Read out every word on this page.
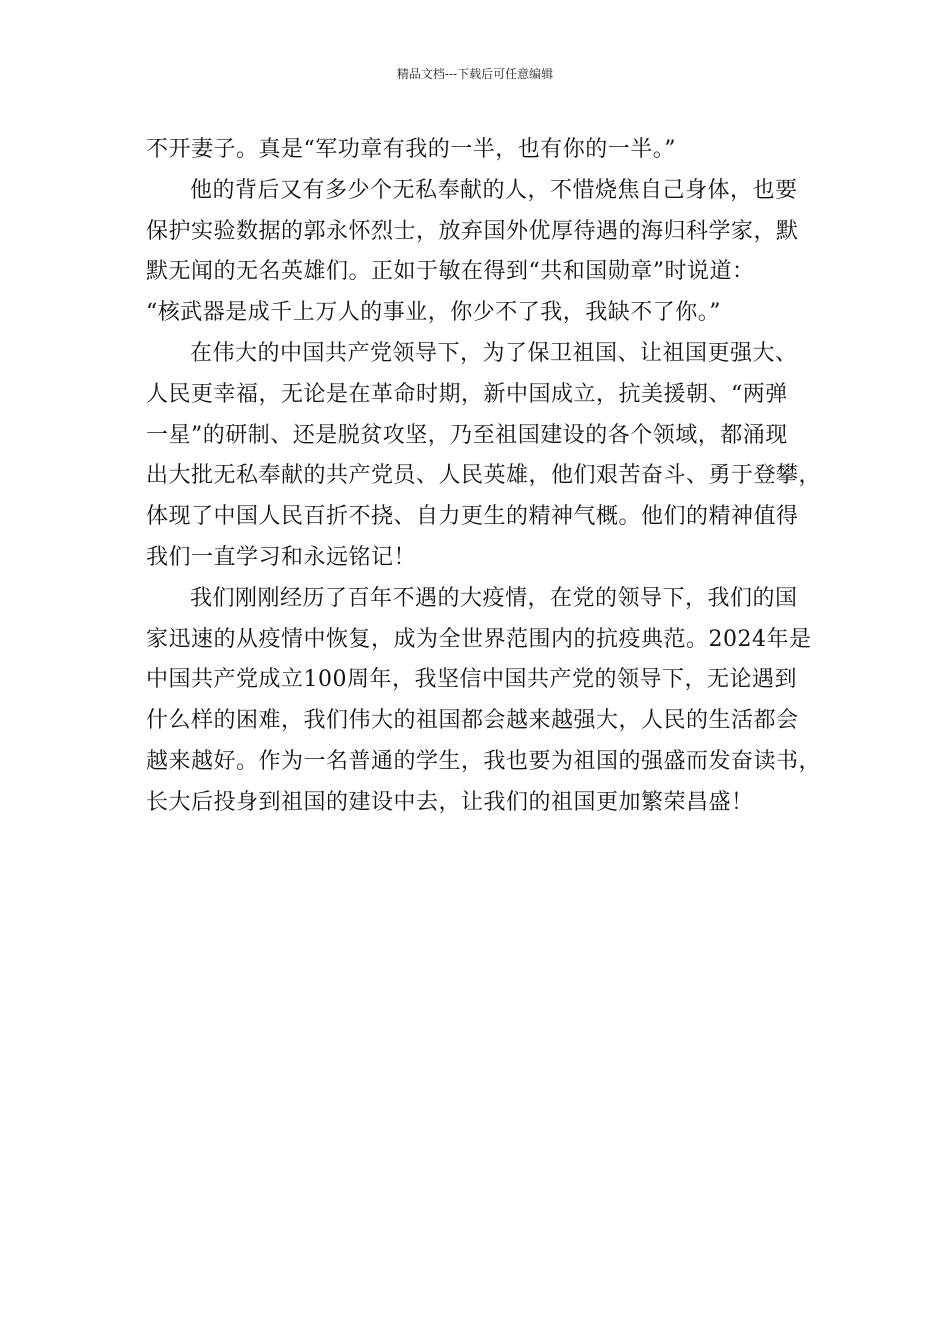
精品文档---下载后可任意编辑
不开妻子。真是“军功章有我的一半，也有你的一半。”
他的背后又有多少个无私奉献的人，不惜烧焦自己身体，也要
保护实验数据的郭永怀烈士，放弃国外优厚待遇的海归科学家，默
默无闻的无名英雄们。正如于敏在得到“共和国勋章”时说道：
“核武器是成千上万人的事业，你少不了我，我缺不了你。”
在伟大的中国共产党领导下，为了保卫祖国、让祖国更强大、
人民更幸福，无论是在革命时期，新中国成立，抗美援朝、“两弹
一星”的研制、还是脱贫攻坚，乃至祖国建设的各个领域，都涌现
出大批无私奉献的共产党员、人民英雄，他们艰苦奋斗、勇于登攀，
体现了中国人民百折不挠、自力更生的精神气概。他们的精神值得
我们一直学习和永远铭记！
我们刚刚经历了百年不遇的大疫情，在党的领导下，我们的国
家迅速的从疫情中恢复，成为全世界范围内的抗疫典范。2024年是
中国共产党成立100周年，我坚信中国共产党的领导下，无论遇到
什么样的困难，我们伟大的祖国都会越来越强大，人民的生活都会
越来越好。作为一名普通的学生，我也要为祖国的强盛而发奋读书，
长大后投身到祖国的建设中去，让我们的祖国更加繁荣昌盛！
